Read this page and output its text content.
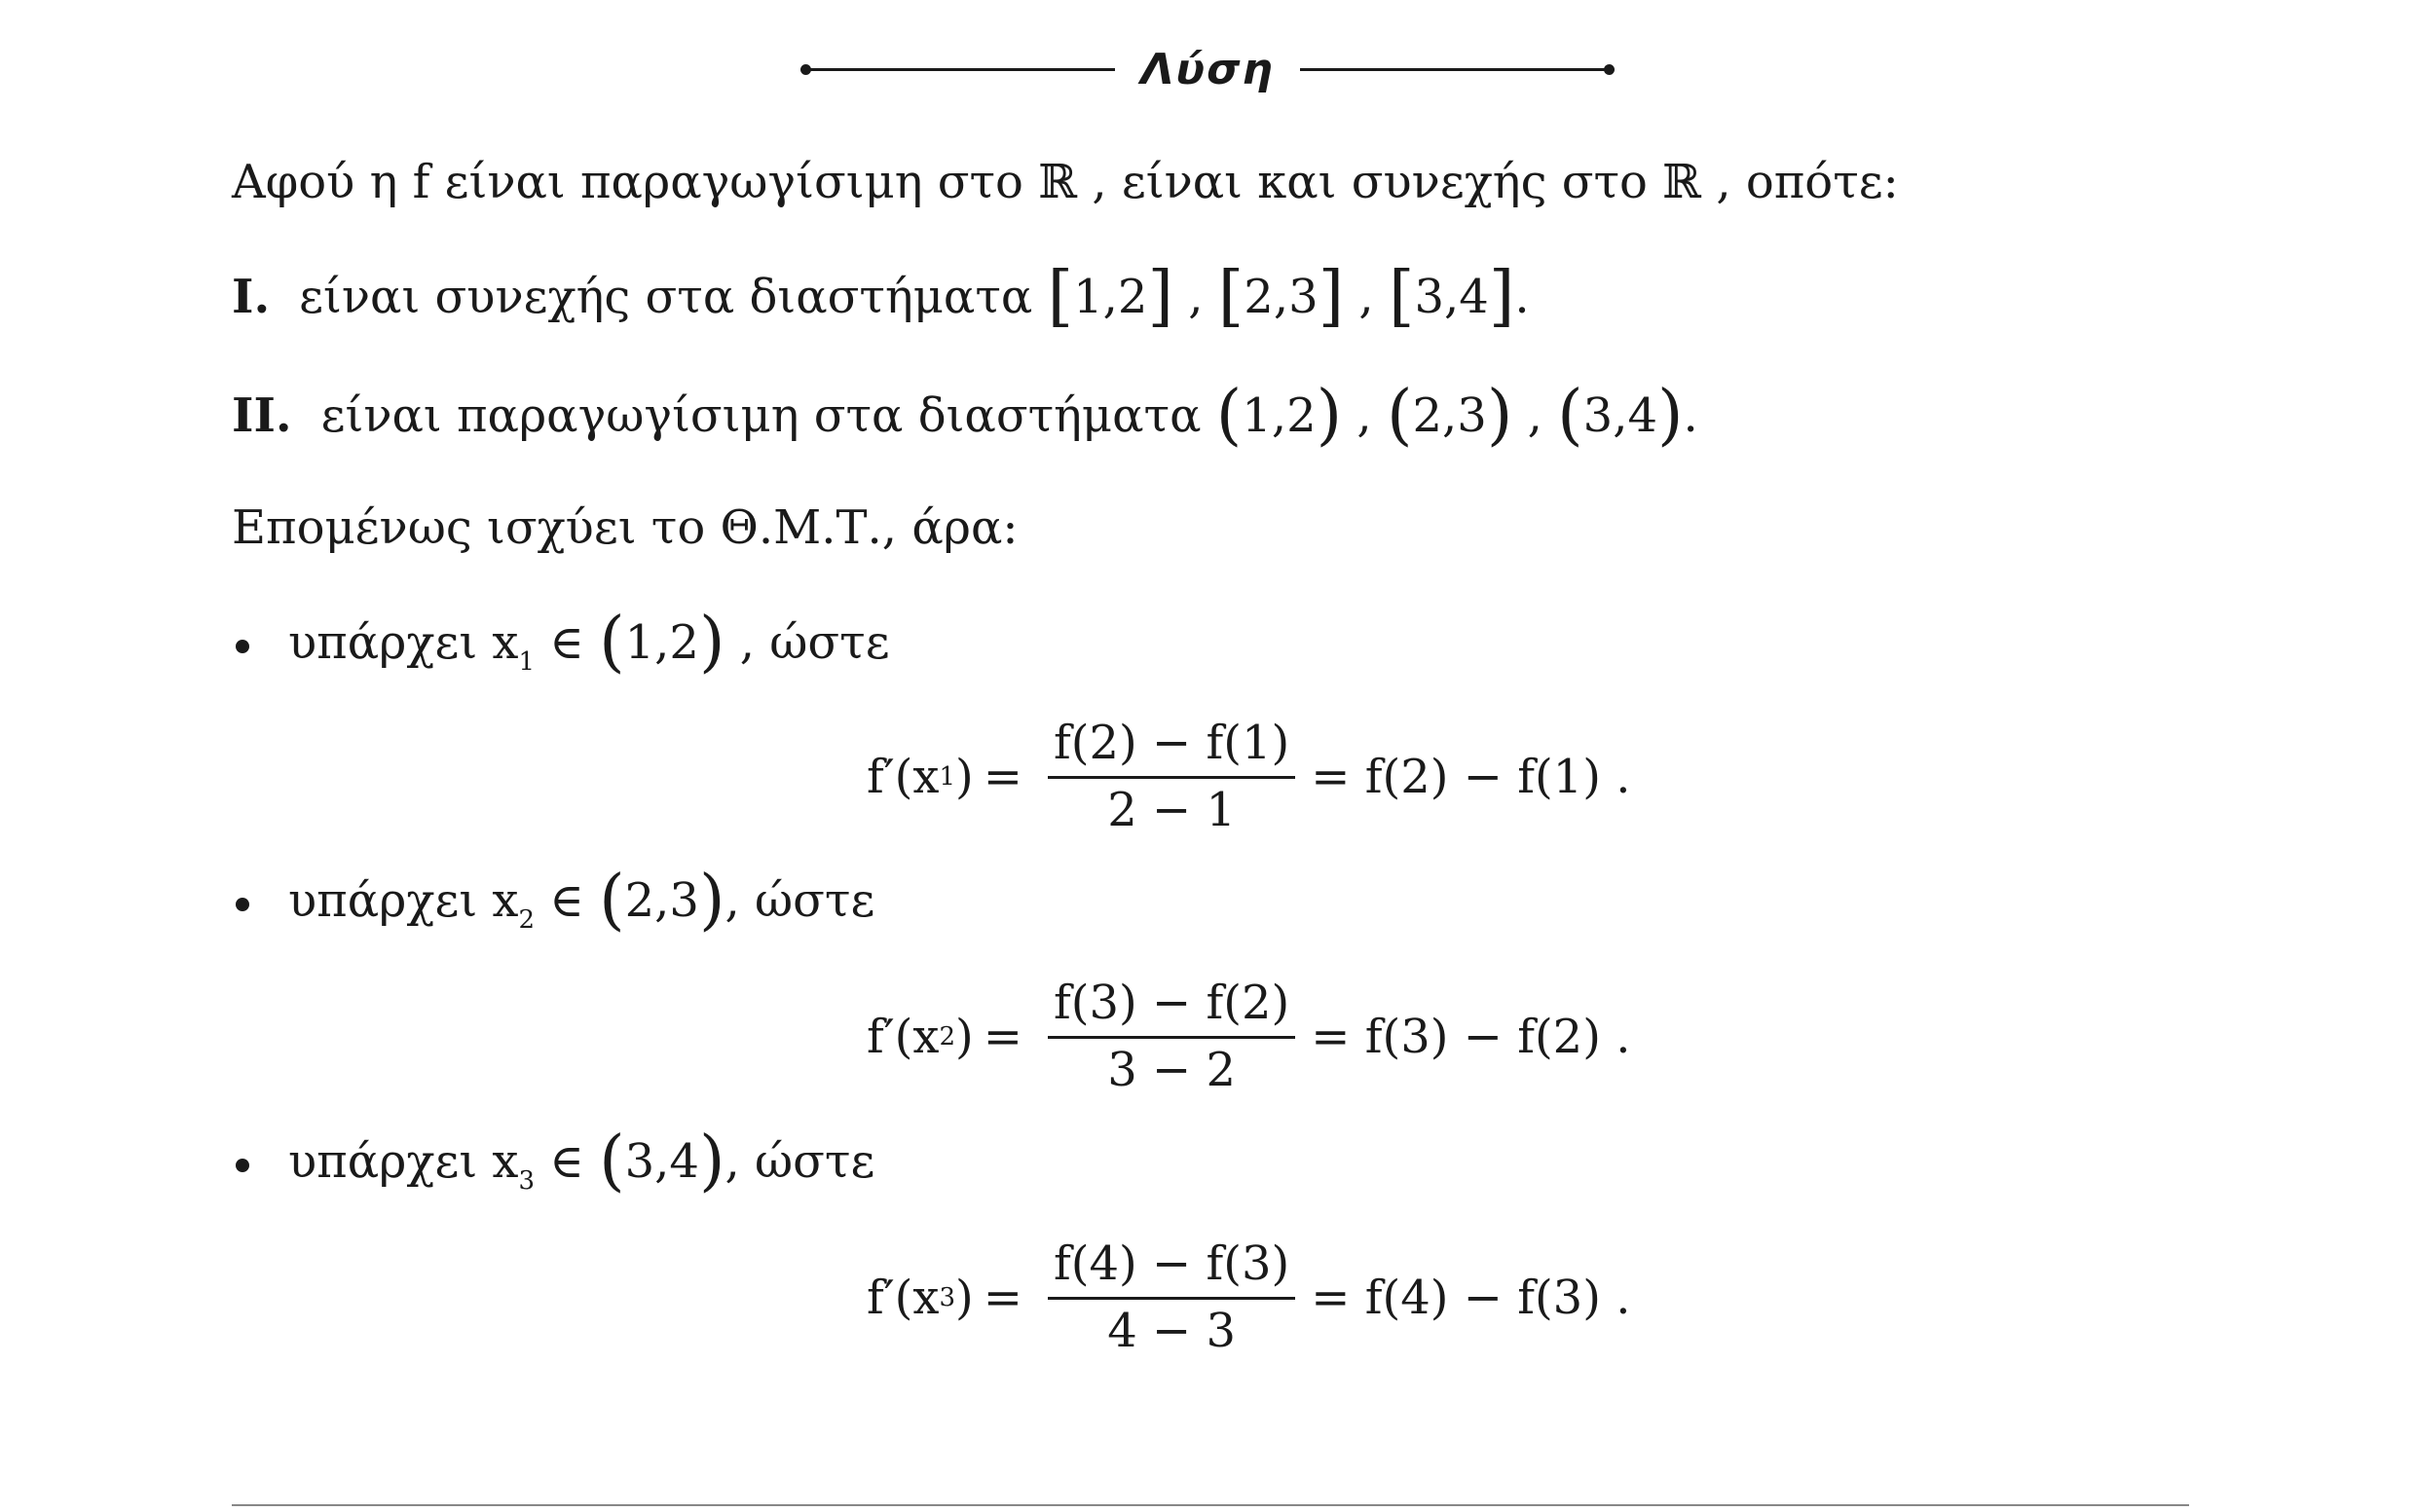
Λύση
Αφού η f είναι παραγωγίσιμη στο ℝ , είναι και συνεχής στο ℝ , οπότε:
I. είναι συνεχής στα διαστήματα [1,2] , [2,3] , [3,4].
II. είναι παραγωγίσιμη στα διαστήματα (1,2) , (2,3) , (3,4).
Επομένως ισχύει το Θ.Μ.Τ., άρα:
υπάρχει $x_1$ ∈ (1,2) , ώστε
f′(x 1 ) = $\frac{f(2) - f(1)}{2 - 1} = f(2) - f(1)$ .
υπάρχει $x_2$ ∈ (2,3), ώστε
f′(x 2 ) = $\frac{f(3) - f(2)}{3 - 2} = f(3) - f(2)$ .
υπάρχει $x_3$ ∈ (3,4), ώστε
f′(x 3 ) = $\frac{f(4) - f(3)}{4 - 3} = f(4) - f(3)$ .
